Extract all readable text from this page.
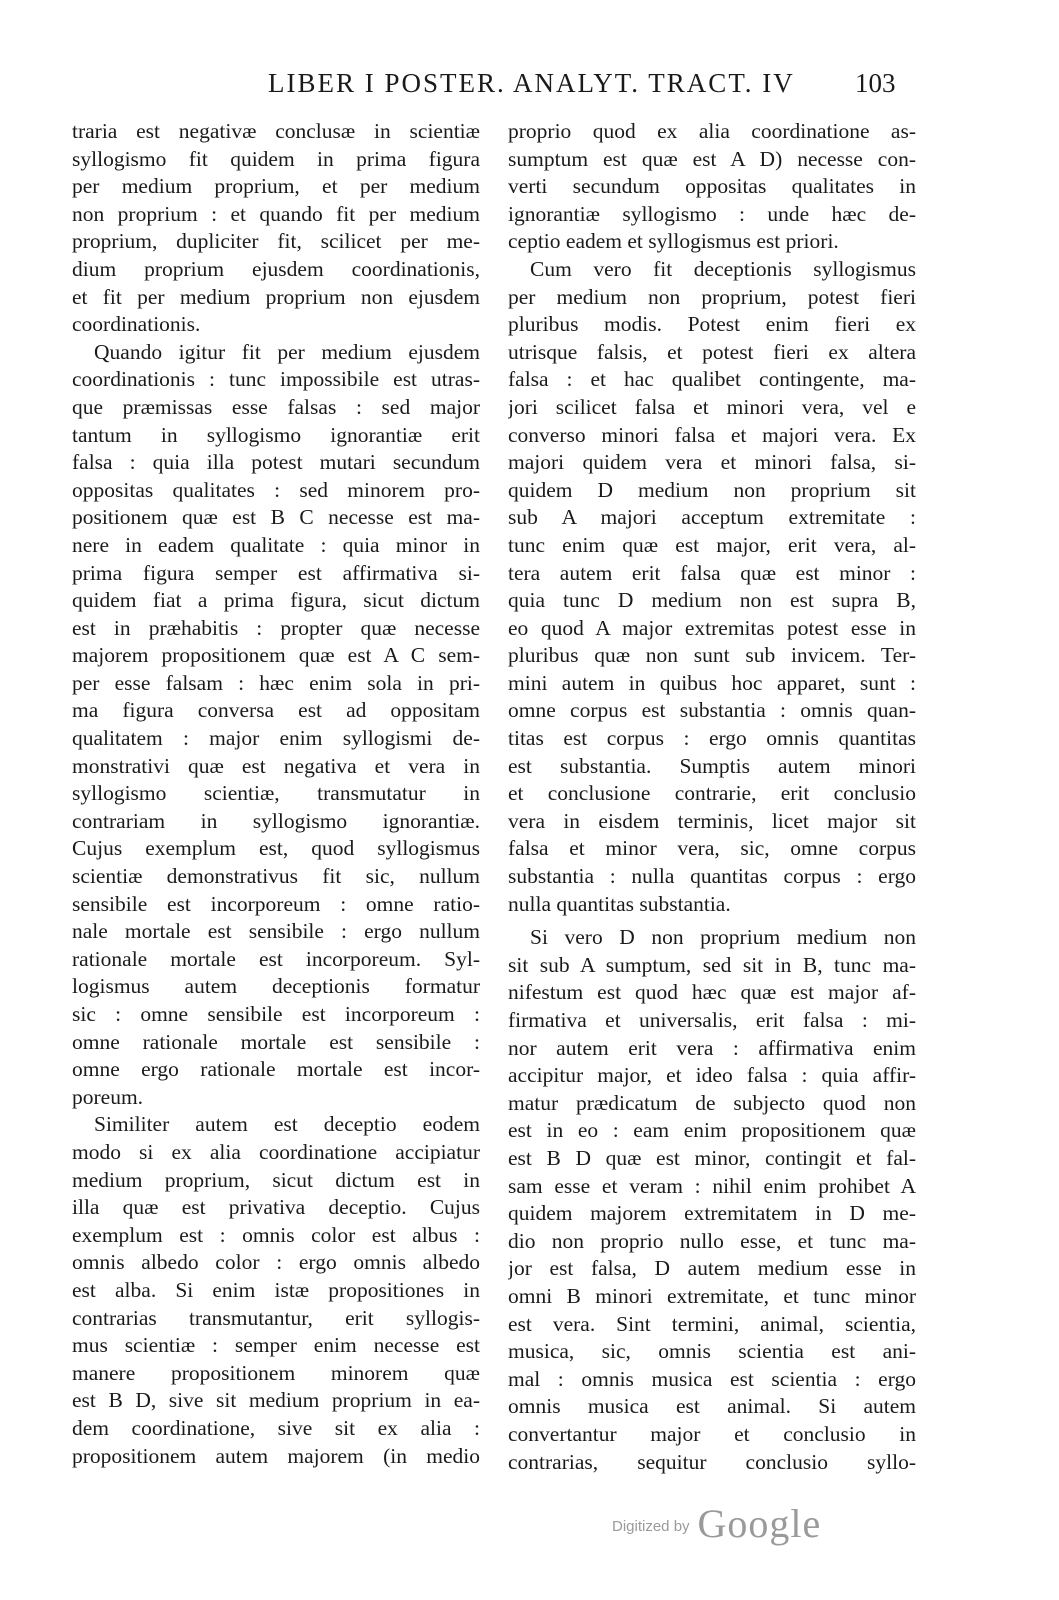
LIBER I POSTER. ANALYT. TRACT. IV 103
traria est negativæ conclusæ in scientiæ
syllogismo fit quidem in prima figura
per medium proprium, et per medium
non proprium : et quando fit per medium
proprium, dupliciter fit, scilicet per me-
dium proprium ejusdem coordinationis,
et fit per medium proprium non ejusdem
coordinationis.
Quando igitur fit per medium ejusdem
coordinationis : tunc impossibile est utras-
que præmissas esse falsas : sed major
tantum in syllogismo ignorantiæ erit
falsa : quia illa potest mutari secundum
oppositas qualitates : sed minorem pro-
positionem quæ est B C necesse est ma-
nere in eadem qualitate : quia minor in
prima figura semper est affirmativa si-
quidem fiat a prima figura, sicut dictum
est in præhabitis : propter quæ necesse
majorem propositionem quæ est A C sem-
per esse falsam : hæc enim sola in pri-
ma figura conversa est ad oppositam
qualitatem : major enim syllogismi de-
monstrativi quæ est negativa et vera in
syllogismo scientiæ, transmutatur in
contrariam in syllogismo ignorantiæ.
Cujus exemplum est, quod syllogismus
scientiæ demonstrativus fit sic, nullum
sensibile est incorporeum : omne ratio-
nale mortale est sensibile : ergo nullum
rationale mortale est incorporeum. Syl-
logismus autem deceptionis formatur
sic : omne sensibile est incorporeum :
omne rationale mortale est sensibile :
omne ergo rationale mortale est incor-
poreum.
Similiter autem est deceptio eodem
modo si ex alia coordinatione accipiatur
medium proprium, sicut dictum est in
illa quæ est privativa deceptio. Cujus
exemplum est : omnis color est albus :
omnis albedo color : ergo omnis albedo
est alba. Si enim istæ propositiones in
contrarias transmutantur, erit syllogis-
mus scientiæ : semper enim necesse est
manere propositionem minorem quæ
est B D, sive sit medium proprium in ea-
dem coordinatione, sive sit ex alia :
propositionem autem majorem (in medio
proprio quod ex alia coordinatione as-
sumptum est quæ est A D) necesse con-
verti secundum oppositas qualitates in
ignorantiæ syllogismo : unde hæc de-
ceptio eadem et syllogismus est priori.
Cum vero fit deceptionis syllogismus
per medium non proprium, potest fieri
pluribus modis. Potest enim fieri ex
utrisque falsis, et potest fieri ex altera
falsa : et hac qualibet contingente, ma-
jori scilicet falsa et minori vera, vel e
converso minori falsa et majori vera. Ex
majori quidem vera et minori falsa, si-
quidem D medium non proprium sit
sub A majori acceptum extremitate :
tunc enim quæ est major, erit vera, al-
tera autem erit falsa quæ est minor :
quia tunc D medium non est supra B,
eo quod A major extremitas potest esse in
pluribus quæ non sunt sub invicem. Ter-
mini autem in quibus hoc apparet, sunt :
omne corpus est substantia : omnis quan-
titas est corpus : ergo omnis quantitas
est substantia. Sumptis autem minori
et conclusione contrarie, erit conclusio
vera in eisdem terminis, licet major sit
falsa et minor vera, sic, omne corpus
substantia : nulla quantitas corpus : ergo
nulla quantitas substantia.
Si vero D non proprium medium non
sit sub A sumptum, sed sit in B, tunc ma-
nifestum est quod hæc quæ est major af-
firmativa et universalis, erit falsa : mi-
nor autem erit vera : affirmativa enim
accipitur major, et ideo falsa : quia affir-
matur prædicatum de subjecto quod non
est in eo : eam enim propositionem quæ
est B D quæ est minor, contingit et fal-
sam esse et veram : nihil enim prohibet A
quidem majorem extremitatem in D me-
dio non proprio nullo esse, et tunc ma-
jor est falsa, D autem medium esse in
omni B minori extremitate, et tunc minor
est vera. Sint termini, animal, scientia,
musica, sic, omnis scientia est ani-
mal : omnis musica est scientia : ergo
omnis musica est animal. Si autem
convertantur major et conclusio in
contrarias, sequitur conclusio syllo-
Digitized by Google
